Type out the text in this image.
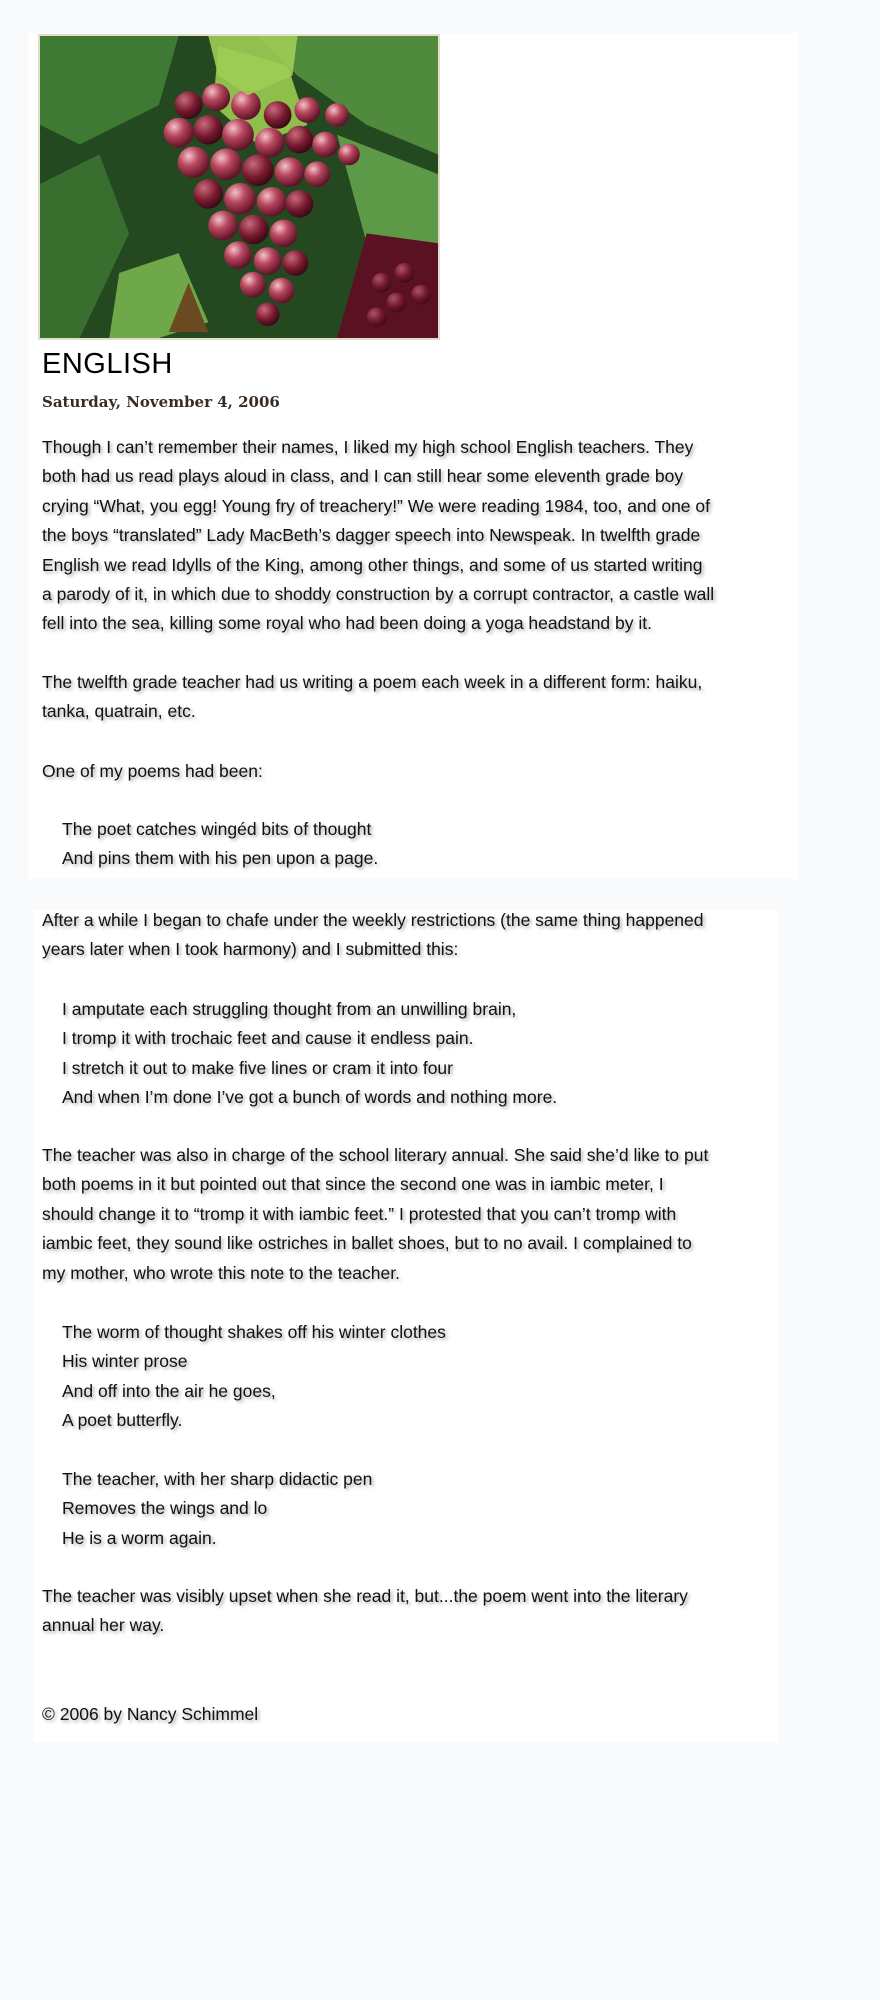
ENGLISH
Saturday, November 4, 2006

Though I can’t remember their names, I liked my high school English teachers. They
both had us read plays aloud in class, and I can still hear some eleventh grade boy
crying “What, you egg! Young fry of treachery!” We were reading 1984, too, and one of
the boys “translated” Lady MacBeth’s dagger speech into Newspeak. In twelfth grade
English we read Idylls of the King, among other things, and some of us started writing
a parody of it, in which due to shoddy construction by a corrupt contractor, a castle wall
fell into the sea, killing some royal who had been doing a yoga headstand by it.

The twelfth grade teacher had us writing a poem each week in a different form: haiku,
tanka, quatrain, etc.

One of my poems had been:

The poet catches wingéd bits of thought
And pins them with his pen upon a page.

After a while I began to chafe under the weekly restrictions (the same thing happened
years later when I took harmony) and I submitted this:

I amputate each struggling thought from an unwilling brain,
I tromp it with trochaic feet and cause it endless pain.
I stretch it out to make five lines or cram it into four
And when I’m done I’ve got a bunch of words and nothing more.

The teacher was also in charge of the school literary annual. She said she’d like to put
both poems in it but pointed out that since the second one was in iambic meter, I
should change it to “tromp it with iambic feet.” I protested that you can’t tromp with
iambic feet, they sound like ostriches in ballet shoes, but to no avail. I complained to
my mother, who wrote this note to the teacher.

The worm of thought shakes off his winter clothes
His winter prose
And off into the air he goes,
A poet butterfly.

The teacher, with her sharp didactic pen
Removes the wings and lo
He is a worm again.

The teacher was visibly upset when she read it, but...the poem went into the literary
annual her way.

© 2006 by Nancy Schimmel
